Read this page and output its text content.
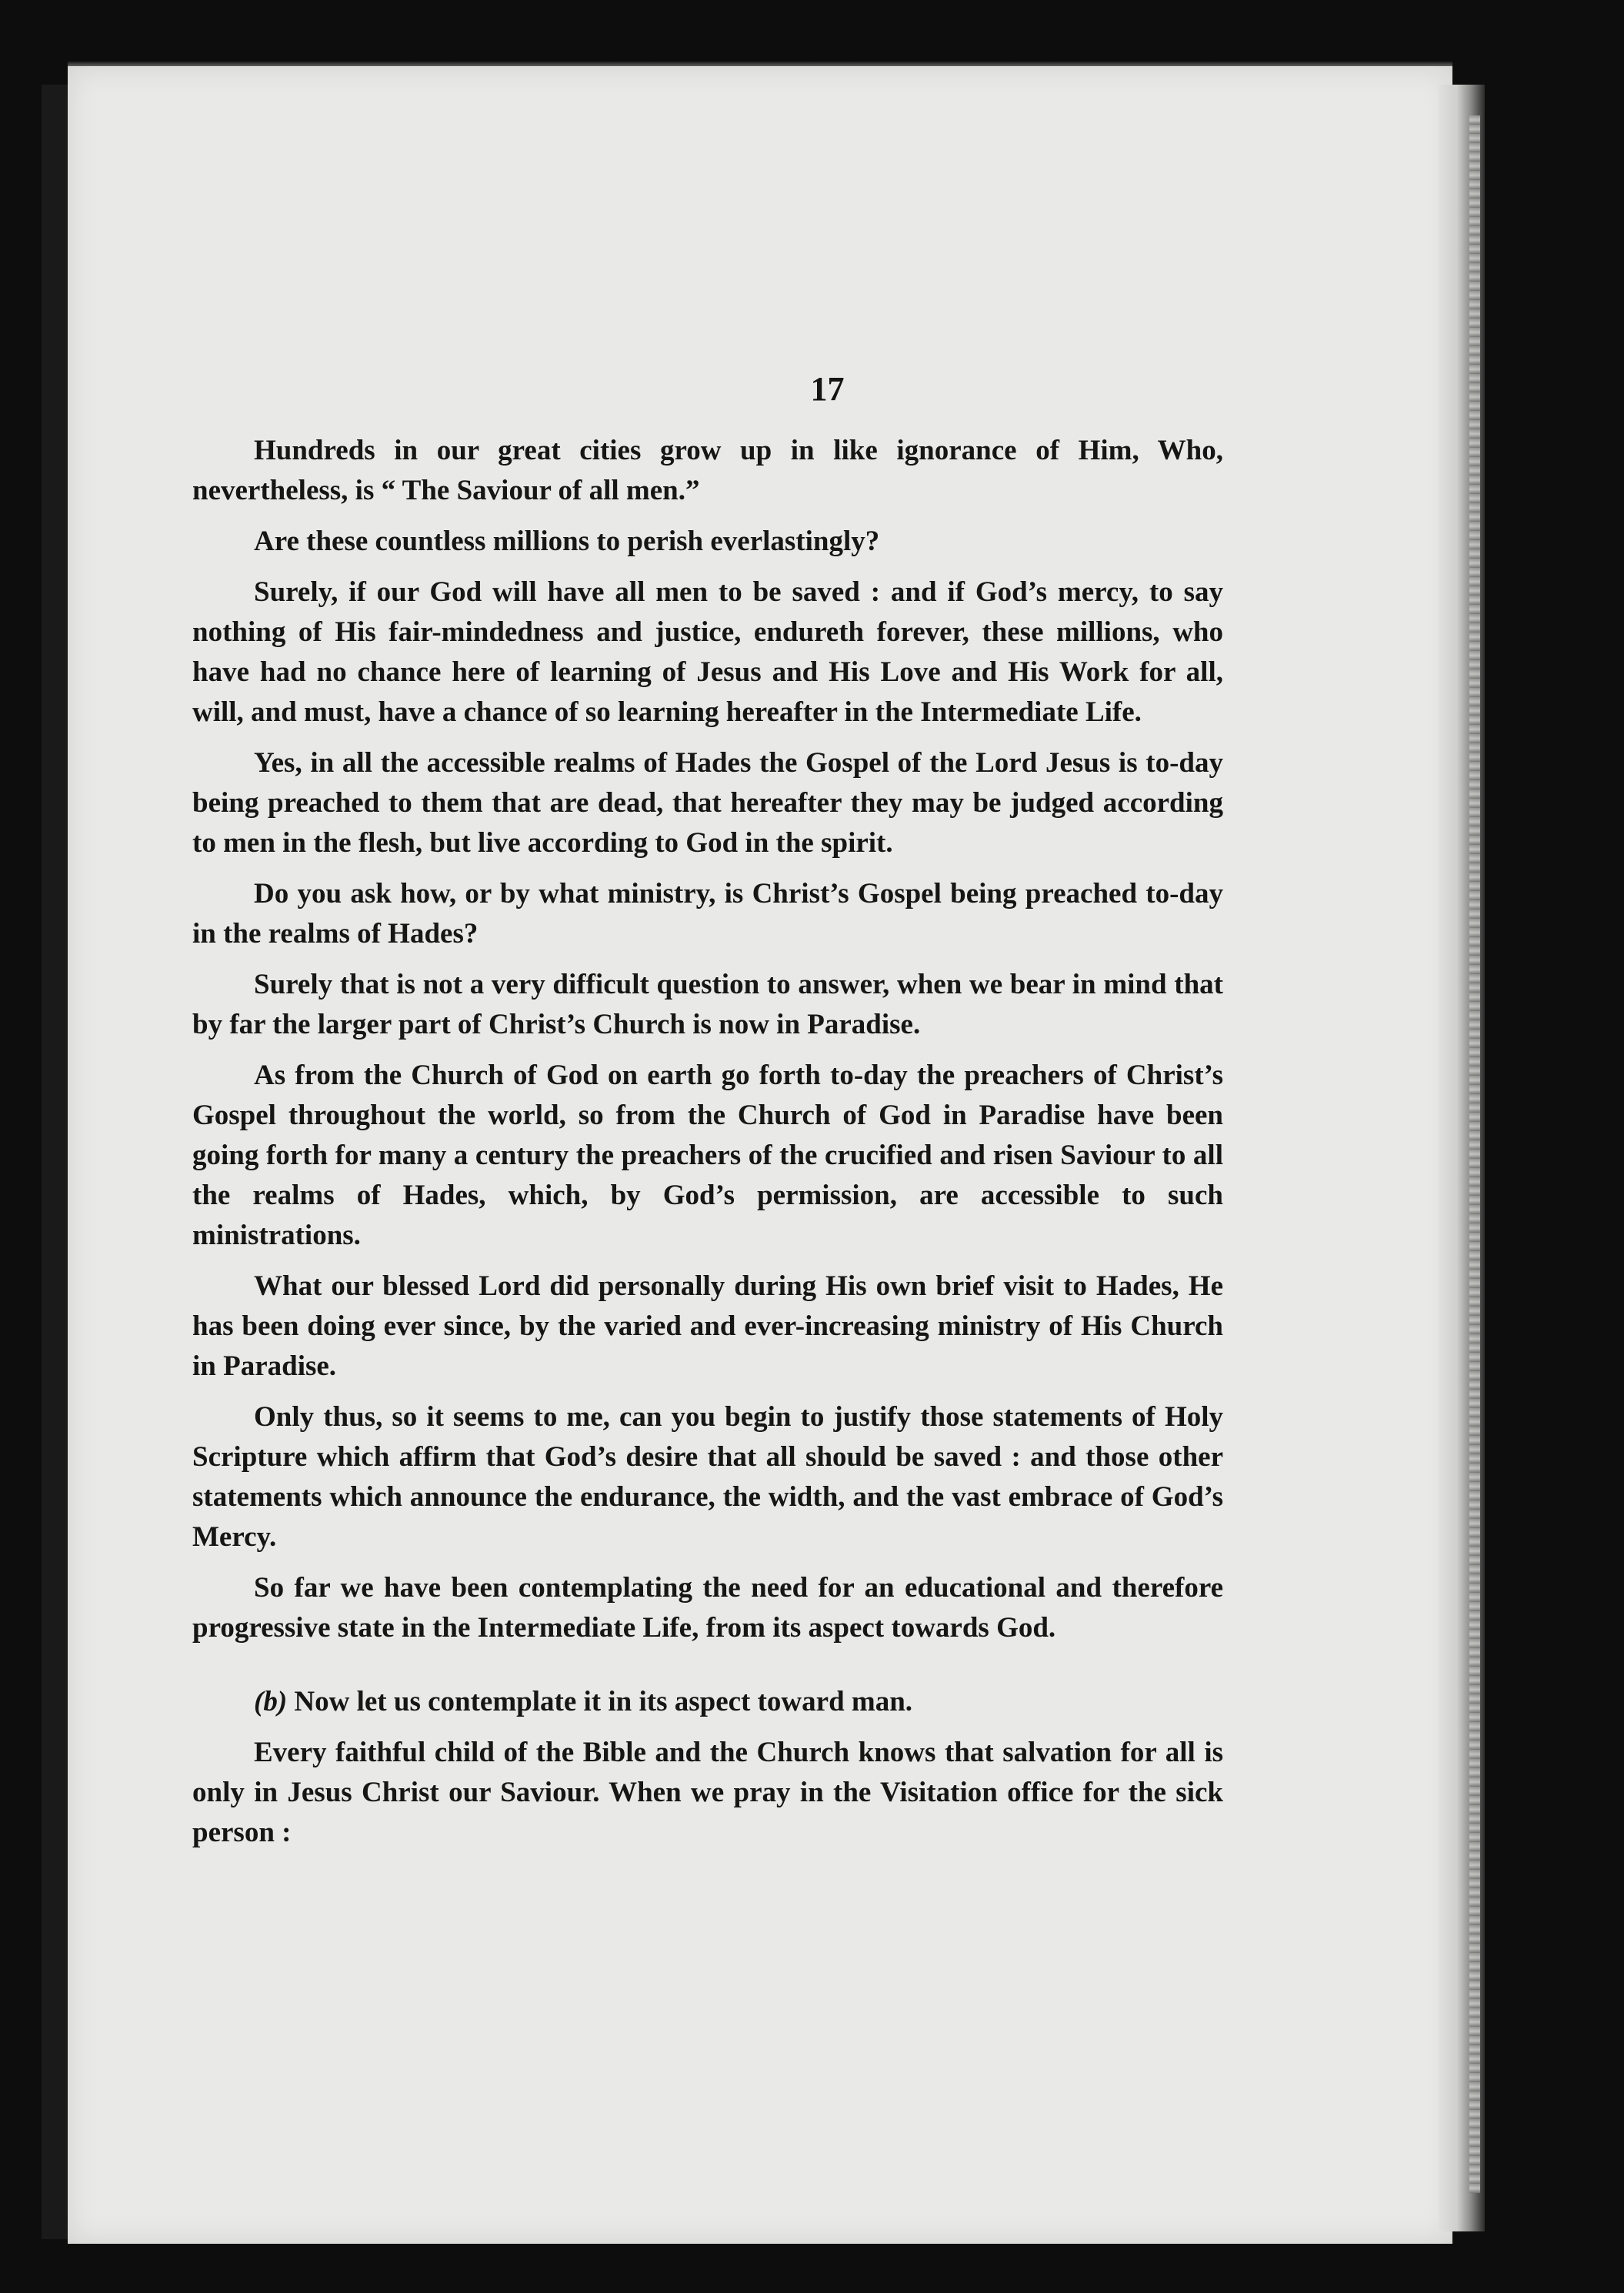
17

Hundreds in our great cities grow up in like ignorance of Him, Who, nevertheless, is “ The Saviour of all men.”

Are these countless millions to perish everlastingly?

Surely, if our God will have all men to be saved : and if God’s mercy, to say nothing of His fair-mindedness and justice, endureth forever, these millions, who have had no chance here of learning of Jesus and His Love and His Work for all, will, and must, have a chance of so learning hereafter in the Intermediate Life.

Yes, in all the accessible realms of Hades the Gospel of the Lord Jesus is to-day being preached to them that are dead, that hereafter they may be judged according to men in the flesh, but live according to God in the spirit.

Do you ask how, or by what ministry, is Christ’s Gospel being preached to-day in the realms of Hades?

Surely that is not a very difficult question to answer, when we bear in mind that by far the larger part of Christ’s Church is now in Paradise.

As from the Church of God on earth go forth to-day the preachers of Christ’s Gospel throughout the world, so from the Church of God in Paradise have been going forth for many a century the preachers of the crucified and risen Saviour to all the realms of Hades, which, by God’s permission, are accessible to such ministrations.

What our blessed Lord did personally during His own brief visit to Hades, He has been doing ever since, by the varied and ever-increasing ministry of His Church in Paradise.

Only thus, so it seems to me, can you begin to justify those statements of Holy Scripture which affirm that God’s desire that all should be saved : and those other statements which announce the endurance, the width, and the vast embrace of God’s Mercy.

So far we have been contemplating the need for an educational and therefore progressive state in the Intermediate Life, from its aspect towards God.

(b) Now let us contemplate it in its aspect toward man.

Every faithful child of the Bible and the Church knows that salvation for all is only in Jesus Christ our Saviour. When we pray in the Visitation office for the sick person :
